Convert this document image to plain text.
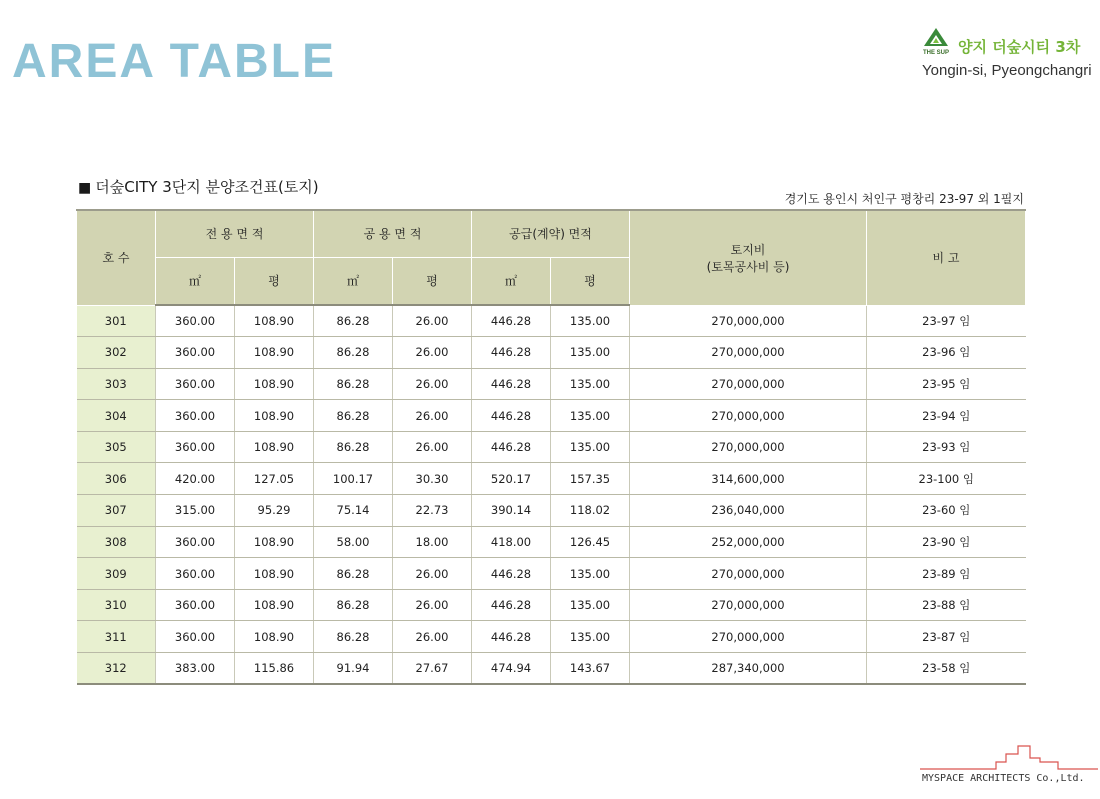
AREA TABLE	THE SUP 양지 더숲시티 3차
Yongin-si, Pyeongchangri
■ 더숲CITY 3단지 분양조건표(토지)
경기도 용인시 처인구 평창리 23-97 외 1필지
호 수	전 용 면 적		공 용 면 적		공급(계약) 면적		토지비
(토목공사비 등)	비 고
	㎡	평	㎡	평	㎡	평		
301	360.00	108.90	86.28	26.00	446.28	135.00	270,000,000	23-97 임
302	360.00	108.90	86.28	26.00	446.28	135.00	270,000,000	23-96 임
303	360.00	108.90	86.28	26.00	446.28	135.00	270,000,000	23-95 임
304	360.00	108.90	86.28	26.00	446.28	135.00	270,000,000	23-94 임
305	360.00	108.90	86.28	26.00	446.28	135.00	270,000,000	23-93 임
306	420.00	127.05	100.17	30.30	520.17	157.35	314,600,000	23-100 임
307	315.00	95.29	75.14	22.73	390.14	118.02	236,040,000	23-60 임
308	360.00	108.90	58.00	18.00	418.00	126.45	252,000,000	23-90 임
309	360.00	108.90	86.28	26.00	446.28	135.00	270,000,000	23-89 임
310	360.00	108.90	86.28	26.00	446.28	135.00	270,000,000	23-88 임
311	360.00	108.90	86.28	26.00	446.28	135.00	270,000,000	23-87 임
312	383.00	115.86	91.94	27.67	474.94	143.67	287,340,000	23-58 임
MYSPACE ARCHITECTS Co.,Ltd.
